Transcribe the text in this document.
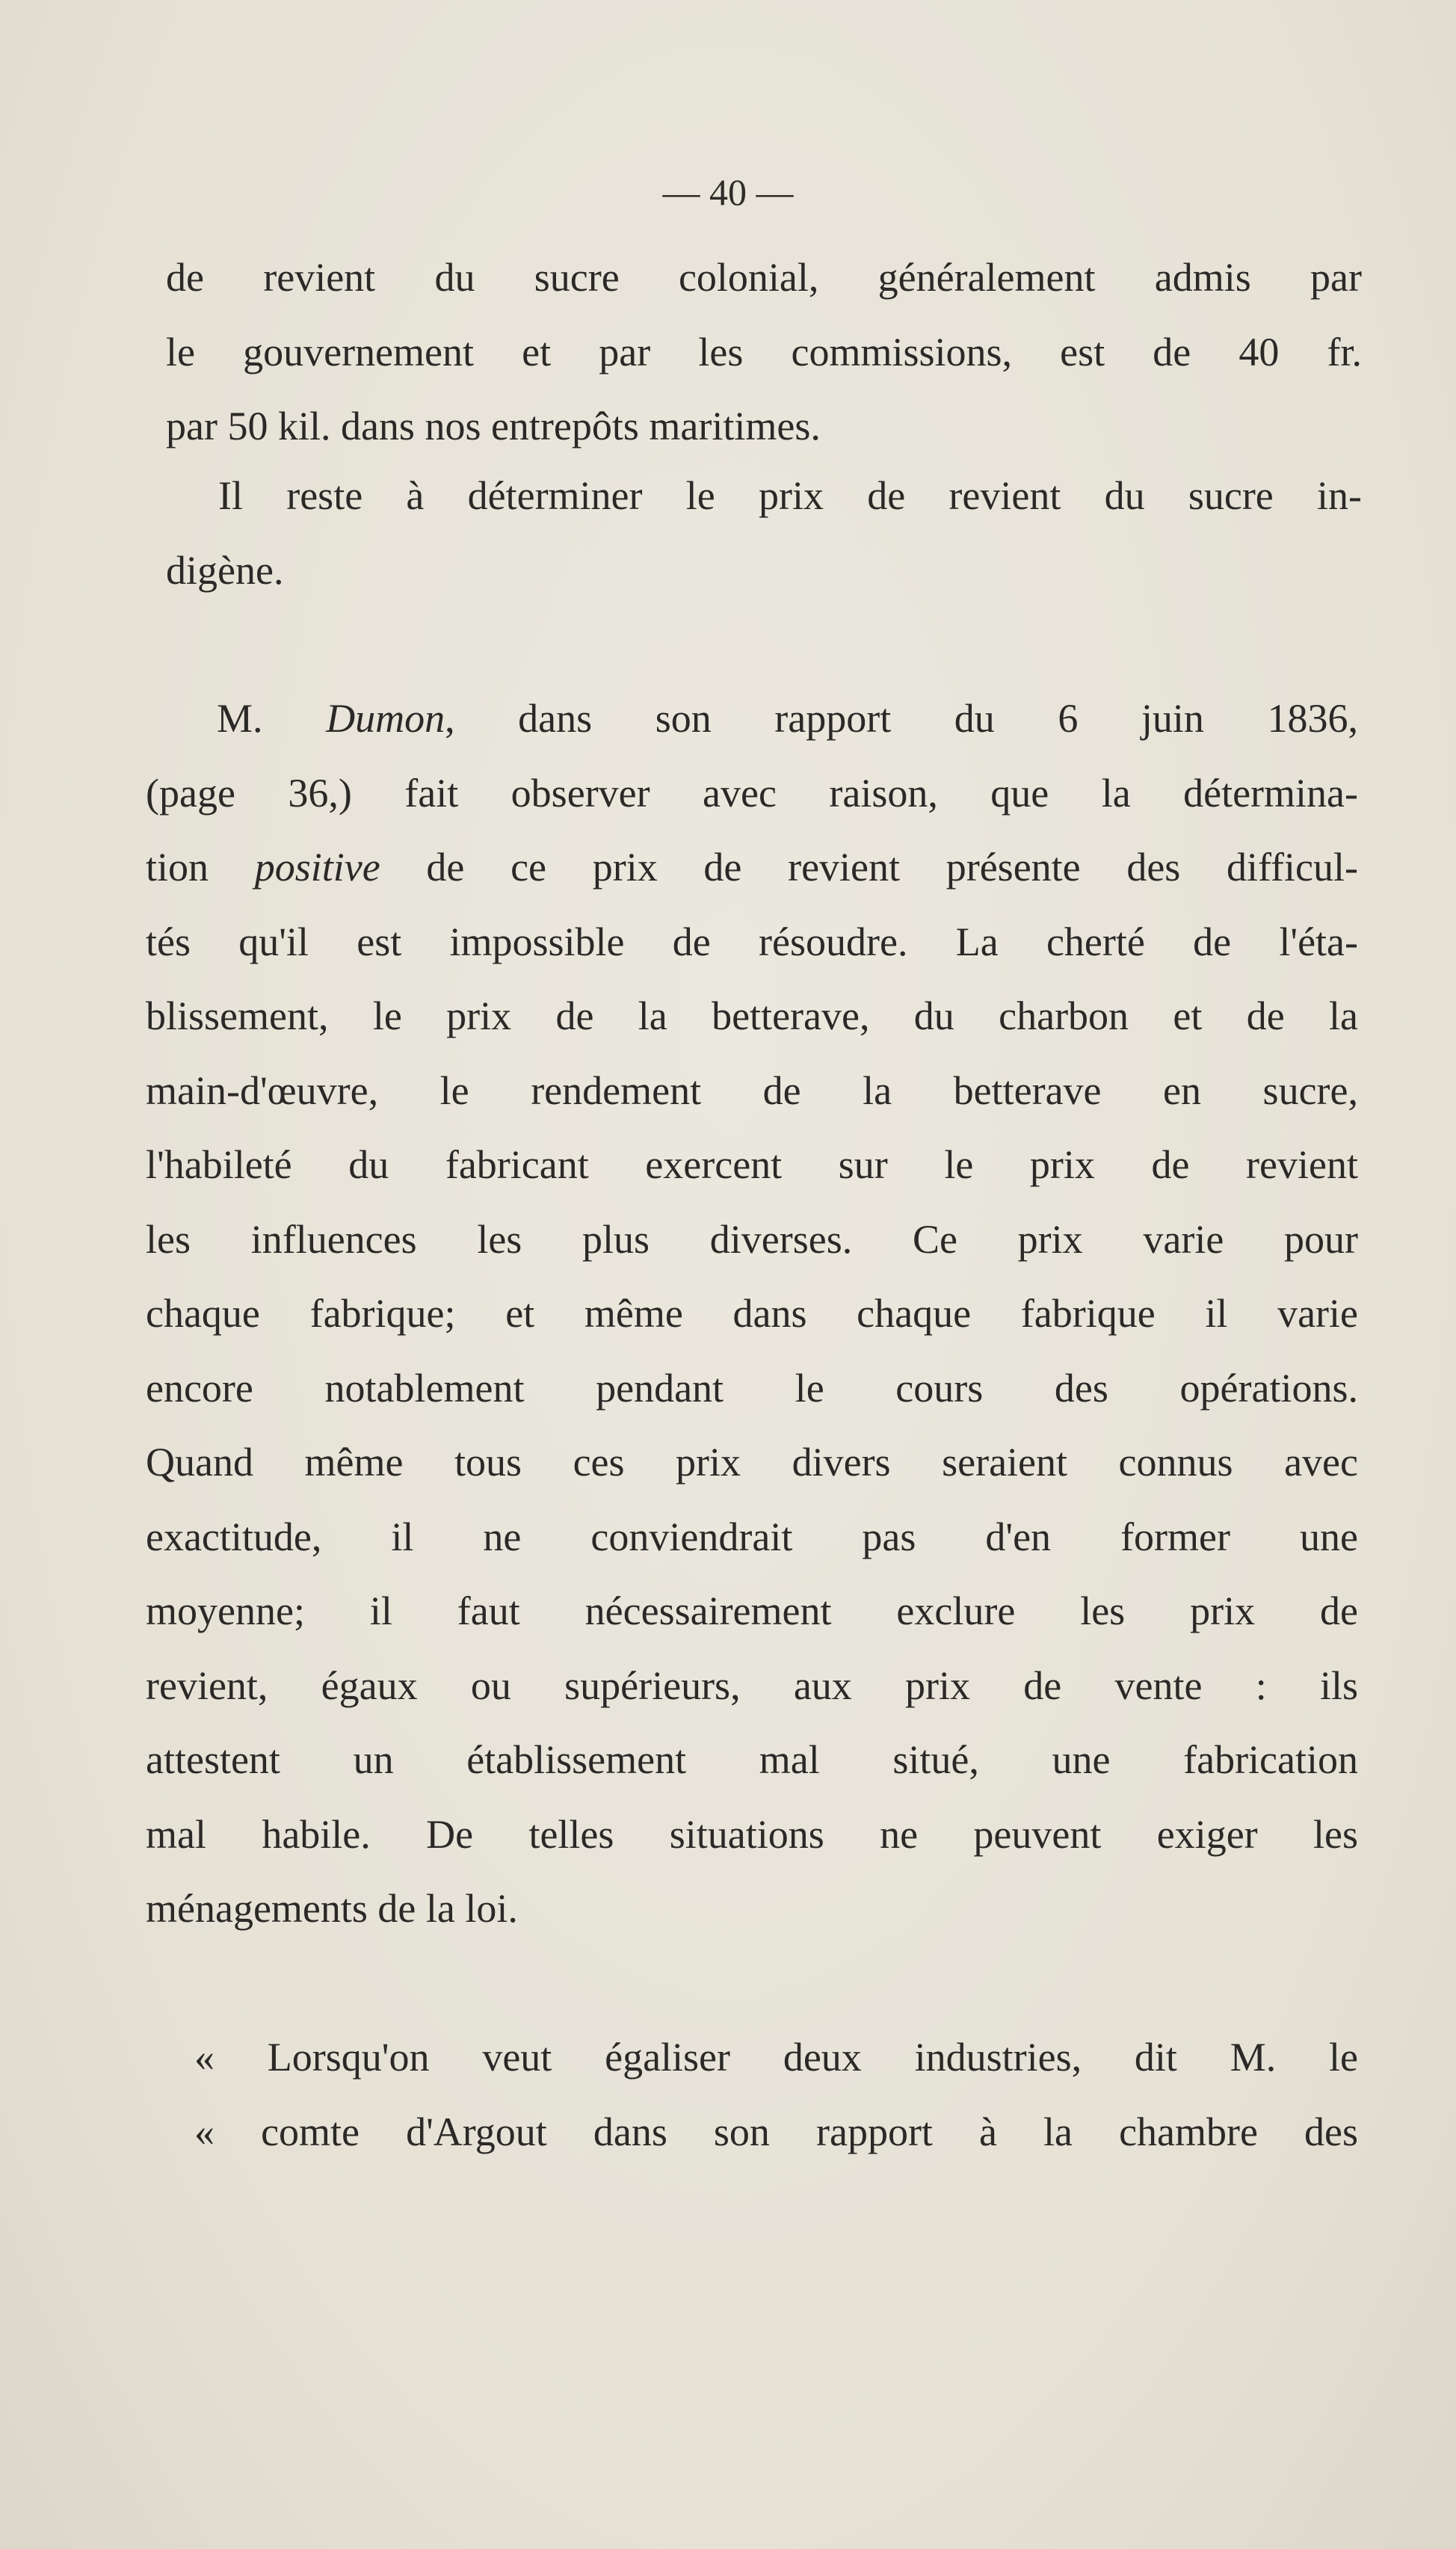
— 40 —
de revient du sucre colonial, généralement admis par
le gouvernement et par les commissions, est de 40 fr.
par 50 kil. dans nos entrepôts maritimes.
Il reste à déterminer le prix de revient du sucre in-
digène.
M. Dumon, dans son rapport du 6 juin 1836,
(page 36,) fait observer avec raison, que la détermina-
tion positive de ce prix de revient présente des difficul-
tés qu'il est impossible de résoudre. La cherté de l'éta-
blissement, le prix de la betterave, du charbon et de la
main-d'œuvre, le rendement de la betterave en sucre,
l'habileté du fabricant exercent sur le prix de revient
les influences les plus diverses. Ce prix varie pour
chaque fabrique; et même dans chaque fabrique il varie
encore notablement pendant le cours des opérations.
Quand même tous ces prix divers seraient connus avec
exactitude, il ne conviendrait pas d'en former une
moyenne; il faut nécessairement exclure les prix de
revient, égaux ou supérieurs, aux prix de vente : ils
attestent un établissement mal situé, une fabrication
mal habile. De telles situations ne peuvent exiger les
ménagements de la loi.
« Lorsqu'on veut égaliser deux industries, dit M. le
« comte d'Argout dans son rapport à la chambre des
